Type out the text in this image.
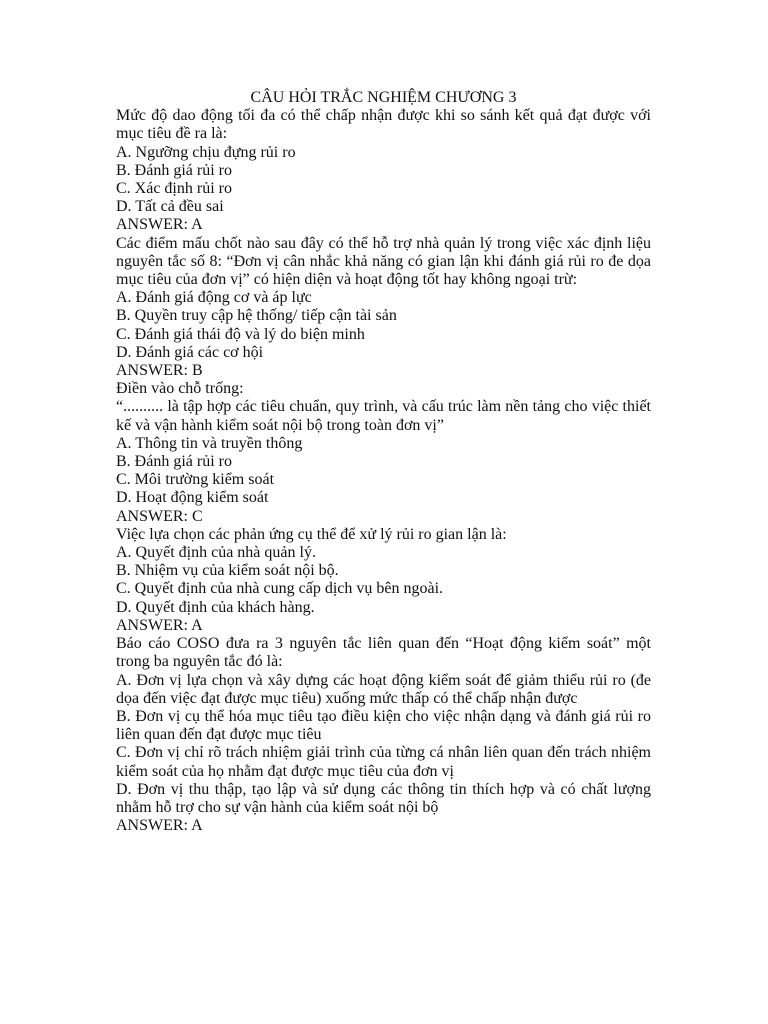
CÂU HỎI TRẮC NGHIỆM CHƯƠNG 3

Mức độ dao động tối đa có thể chấp nhận được khi so sánh kết quả đạt được với mục tiêu đề ra là:

A. Ngưỡng chịu đựng rủi ro

B. Đánh giá rủi ro

C. Xác định rủi ro

D. Tất cả đều sai

ANSWER: A

Các điểm mấu chốt nào sau đây có thể hỗ trợ nhà quản lý trong việc xác định liệu nguyên tắc số 8: “Đơn vị cân nhắc khả năng có gian lận khi đánh giá rủi ro đe dọa mục tiêu của đơn vị” có hiện diện và hoạt động tốt hay không ngoại trừ:

A. Đánh giá động cơ và áp lực

B. Quyền truy cập hệ thống/ tiếp cận tài sản

C. Đánh giá thái độ và lý do biện minh

D. Đánh giá các cơ hội

ANSWER: B

Điền vào chỗ trống:

“.......... là tập hợp các tiêu chuẩn, quy trình, và cấu trúc làm nền tảng cho việc thiết kế và vận hành kiểm soát nội bộ trong toàn đơn vị”

A. Thông tin và truyền thông

B. Đánh giá rủi ro

C. Môi trường kiểm soát

D. Hoạt động kiểm soát

ANSWER: C

Việc lựa chọn các phản ứng cụ thể để xử lý rủi ro gian lận là:

A. Quyết định của nhà quản lý.

B. Nhiệm vụ của kiểm soát nội bộ.

C. Quyết định của nhà cung cấp dịch vụ bên ngoài.

D. Quyết định của khách hàng.

ANSWER: A

Báo cáo COSO đưa ra 3 nguyên tắc liên quan đến “Hoạt động kiểm soát” một trong ba nguyên tắc đó là:

A. Đơn vị lựa chọn và xây dựng các hoạt động kiểm soát để giảm thiểu rủi ro (đe dọa đến việc đạt được mục tiêu) xuống mức thấp có thể chấp nhận được

B. Đơn vị cụ thể hóa mục tiêu tạo điều kiện cho việc nhận dạng và đánh giá rủi ro liên quan đến đạt được mục tiêu

C. Đơn vị chỉ rõ trách nhiệm giải trình của từng cá nhân liên quan đến trách nhiệm kiểm soát của họ nhằm đạt được mục tiêu của đơn vị

D. Đơn vị thu thập, tạo lập và sử dụng các thông tin thích hợp và có chất lượng nhằm hỗ trợ cho sự vận hành của kiểm soát nội bộ

ANSWER: A
